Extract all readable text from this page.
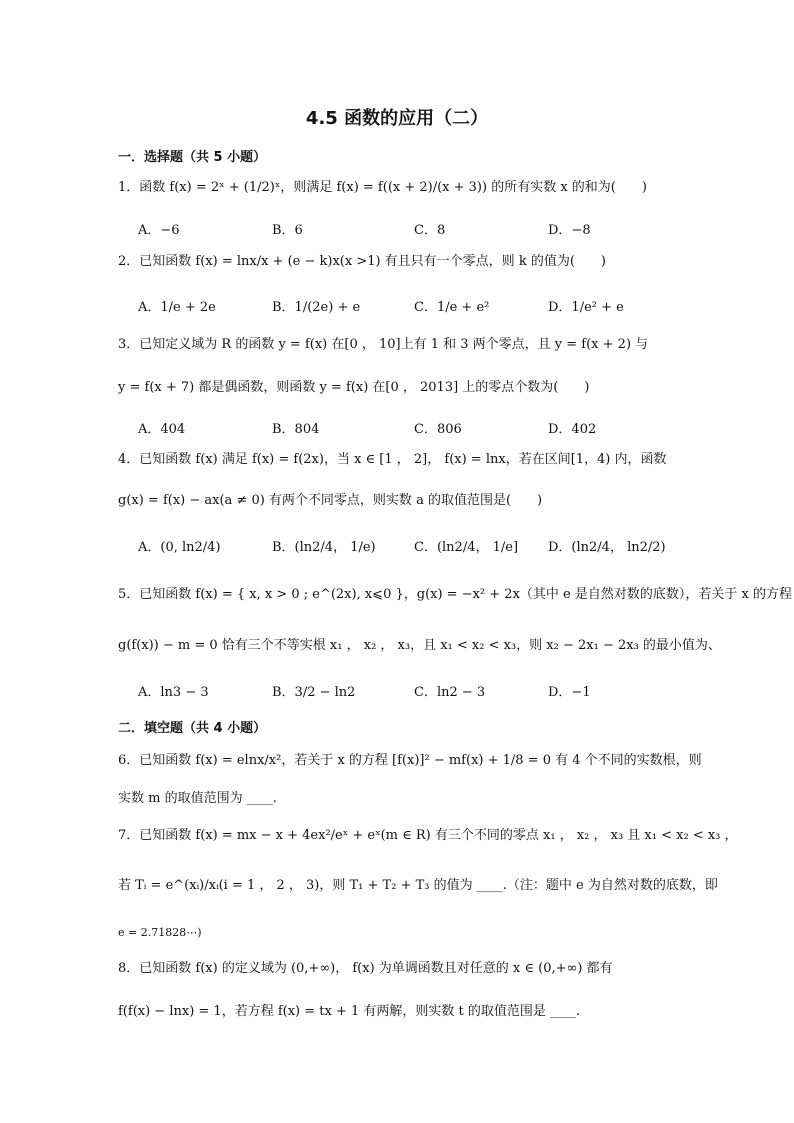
4.5 函数的应用（二）
一．选择题（共 5 小题）
1．函数 f(x) = 2ˣ + (1/2)ˣ，则满足 f(x) = f((x + 2)/(x + 3)) 的所有实数 x 的和为(　　)
A．−6	B．6	C．8	D．−8
2．已知函数 f(x) = lnx/x + (e − k)x(x >1) 有且只有一个零点，则 k 的值为(　　)
A．1/e + 2e	B．1/(2e) + e	C．1/e + e²	D．1/e² + e
3．已知定义域为 R 的函数 y = f(x) 在[0 ， 10]上有 1 和 3 两个零点，且 y = f(x + 2) 与
y = f(x + 7) 都是偶函数，则函数 y = f(x) 在[0 ， 2013] 上的零点个数为(　　)
A．404	B．804	C．806	D．402
4．已知函数 f(x) 满足 f(x) = f(2x)，当 x ∈ [1 ， 2]， f(x) = lnx，若在区间[1，4) 内，函数
g(x) = f(x) − ax(a ≠ 0) 有两个不同零点，则实数 a 的取值范围是(　　)
A．(0, ln2/4)	B．(ln2/4， 1/e)	C．(ln2/4， 1/e] D．(ln2/4， ln2/2)
5．已知函数 f(x) = { x, x > 0 ; e^(2x), x⩽0 }，g(x) = −x² + 2x（其中 e 是自然对数的底数），若关于 x 的方程
g(f(x)) − m = 0 恰有三个不等实根 x₁ ， x₂ ， x₃，且 x₁ < x₂ < x₃，则 x₂ − 2x₁ − 2x₃ 的最小值为、
A．ln3 − 3	B．3/2 − ln2	C．ln2 − 3	D．−1
二．填空题（共 4 小题）
6．已知函数 f(x) = elnx/x²，若关于 x 的方程 [f(x)]² − mf(x) + 1/8 = 0 有 4 个不同的实数根，则
实数 m 的取值范围为 ____.
7．已知函数 f(x) = mx − x + 4ex²/eˣ + eˣ(m ∈ R) 有三个不同的零点 x₁ ， x₂ ， x₃ 且 x₁ < x₂ < x₃ ，
若 Tᵢ = e^(xᵢ)/xᵢ(i = 1 ， 2 ， 3)，则 T₁ + T₂ + T₃ 的值为 ____.（注：题中 e 为自然对数的底数，即
e = 2.71828⋯)
8．已知函数 f(x) 的定义域为 (0,+∞)， f(x) 为单调函数且对任意的 x ∈ (0,+∞) 都有
f(f(x) − lnx) = 1，若方程 f(x) = tx + 1 有两解，则实数 t 的取值范围是 ____.
